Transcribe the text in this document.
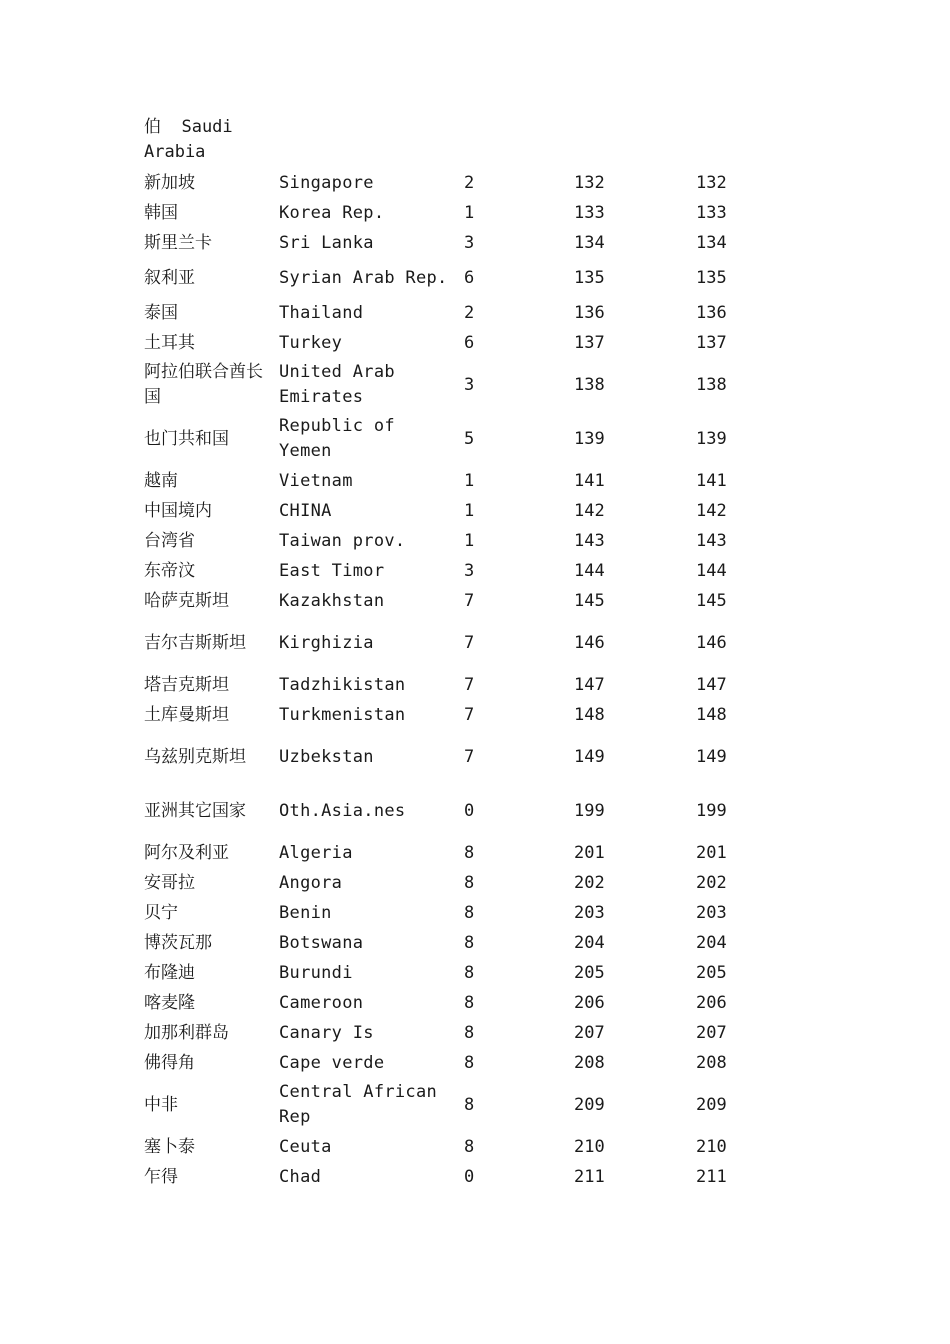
伯  Saudi
Arabia
新加坡	Singapore	2	132	132
韩国	Korea Rep.	1	133	133
斯里兰卡	Sri Lanka	3	134	134
叙利亚	Syrian Arab Rep.	6	135	135
泰国	Thailand	2	136	136
土耳其	Turkey	6	137	137
阿拉伯联合酋长国	United Arab Emirates	3	138	138
也门共和国	Republic of Yemen	5	139	139
越南	Vietnam	1	141	141
中国境内	CHINA	1	142	142
台湾省	Taiwan prov.	1	143	143
东帝汶	East Timor	3	144	144
哈萨克斯坦	Kazakhstan	7	145	145
吉尔吉斯斯坦	Kirghizia	7	146	146
塔吉克斯坦	Tadzhikistan	7	147	147
土库曼斯坦	Turkmenistan	7	148	148
乌兹别克斯坦	Uzbekstan	7	149	149
亚洲其它国家	Oth.Asia.nes	0	199	199
阿尔及利亚	Algeria	8	201	201
安哥拉	Angora	8	202	202
贝宁	Benin	8	203	203
博茨瓦那	Botswana	8	204	204
布隆迪	Burundi	8	205	205
喀麦隆	Cameroon	8	206	206
加那利群岛	Canary Is	8	207	207
佛得角	Cape verde	8	208	208
中非	Central African Rep	8	209	209
塞卜泰	Ceuta	8	210	210
乍得	Chad	0	211	211
